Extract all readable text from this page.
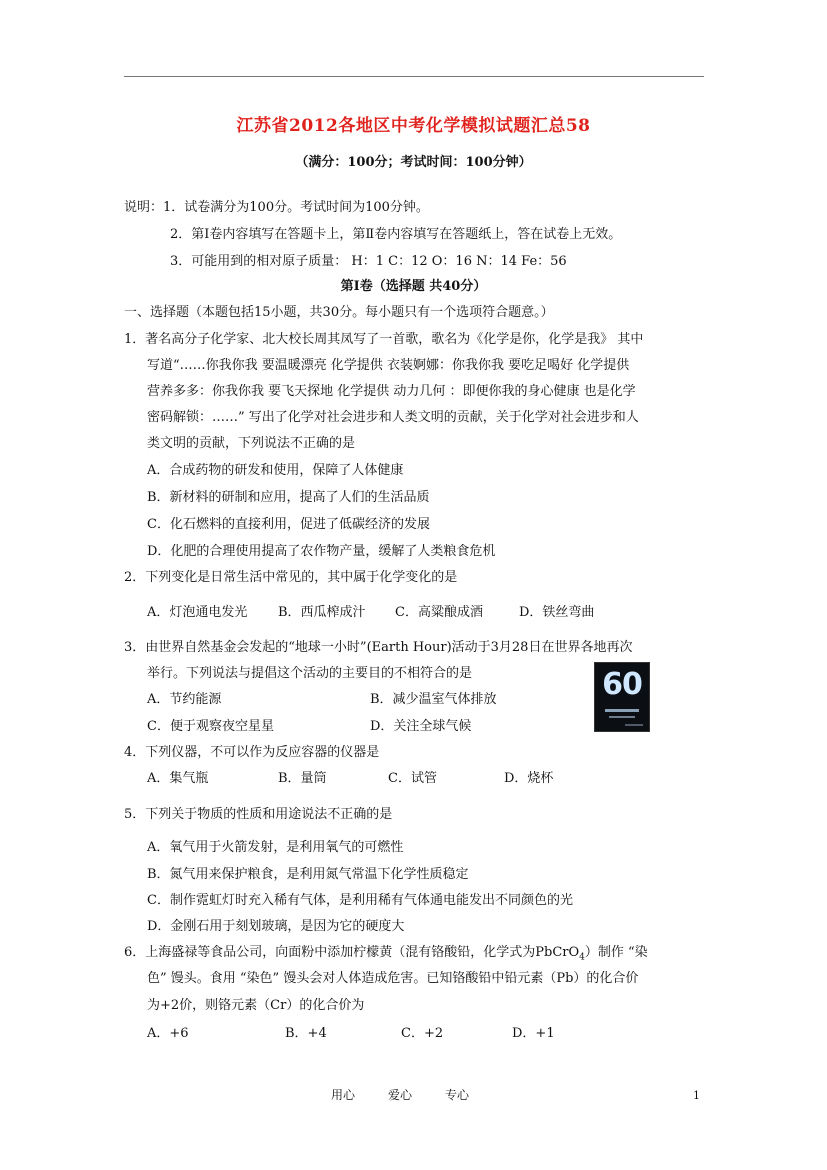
江苏省2012各地区中考化学模拟试题汇总58
（满分：100分；考试时间：100分钟）
说明：1．试卷满分为100分。考试时间为100分钟。
2．第Ⅰ卷内容填写在答题卡上，第Ⅱ卷内容填写在答题纸上，答在试卷上无效。
3．可能用到的相对原子质量： H：1 C：12 O：16 N：14 Fe：56
第Ⅰ卷（选择题 共40分）
一、选择题（本题包括15小题，共30分。每小题只有一个选项符合题意。）
1．著名高分子化学家、北大校长周其凤写了一首歌，歌名为《化学是你，化学是我》 其中
写道“……你我你我 要温暖漂亮 化学提供 衣装婀娜：你我你我 要吃足喝好 化学提供
营养多多：你我你我 要飞天探地 化学提供 动力几何 ：即便你我的身心健康 也是化学
密码解锁：……” 写出了化学对社会进步和人类文明的贡献，关于化学对社会进步和人
类文明的贡献，下列说法不正确的是
A．合成药物的研发和使用，保障了人体健康
B．新材料的研制和应用，提高了人们的生活品质
C．化石燃料的直接利用，促进了低碳经济的发展
D．化肥的合理使用提高了农作物产量，缓解了人类粮食危机
2．下列变化是日常生活中常见的，其中属于化学变化的是
A．灯泡通电发光 B．西瓜榨成汁 C．高粱酿成酒	D．铁丝弯曲
3．由世界自然基金会发起的“地球一小时”(Earth Hour)活动于3月28日在世界各地再次
举行。下列说法与提倡这个活动的主要目的不相符合的是
A．节约能源	B．减少温室气体排放
C．便于观察夜空星星	D．关注全球气候
60
4．下列仪器，不可以作为反应容器的仪器是
A．集气瓶	B．量筒	C．试管	D．烧杯
5．下列关于物质的性质和用途说法不正确的是
A．氧气用于火箭发射，是利用氧气的可燃性
B．氮气用来保护粮食，是利用氮气常温下化学性质稳定
C．制作霓虹灯时充入稀有气体，是利用稀有气体通电能发出不同颜色的光
D．金刚石用于刻划玻璃，是因为它的硬度大
6．上海盛禄等食品公司，向面粉中添加柠檬黄（混有铬酸铅，化学式为PbCrO$_4$）制作 “染
色” 馒头。食用 “染色” 馒头会对人体造成危害。已知铬酸铅中铅元素（Pb）的化合价
为+2价，则铬元素（Cr）的化合价为
A．+6	B．+4	C．+2	D．+1
用心	爱心	专心	1
